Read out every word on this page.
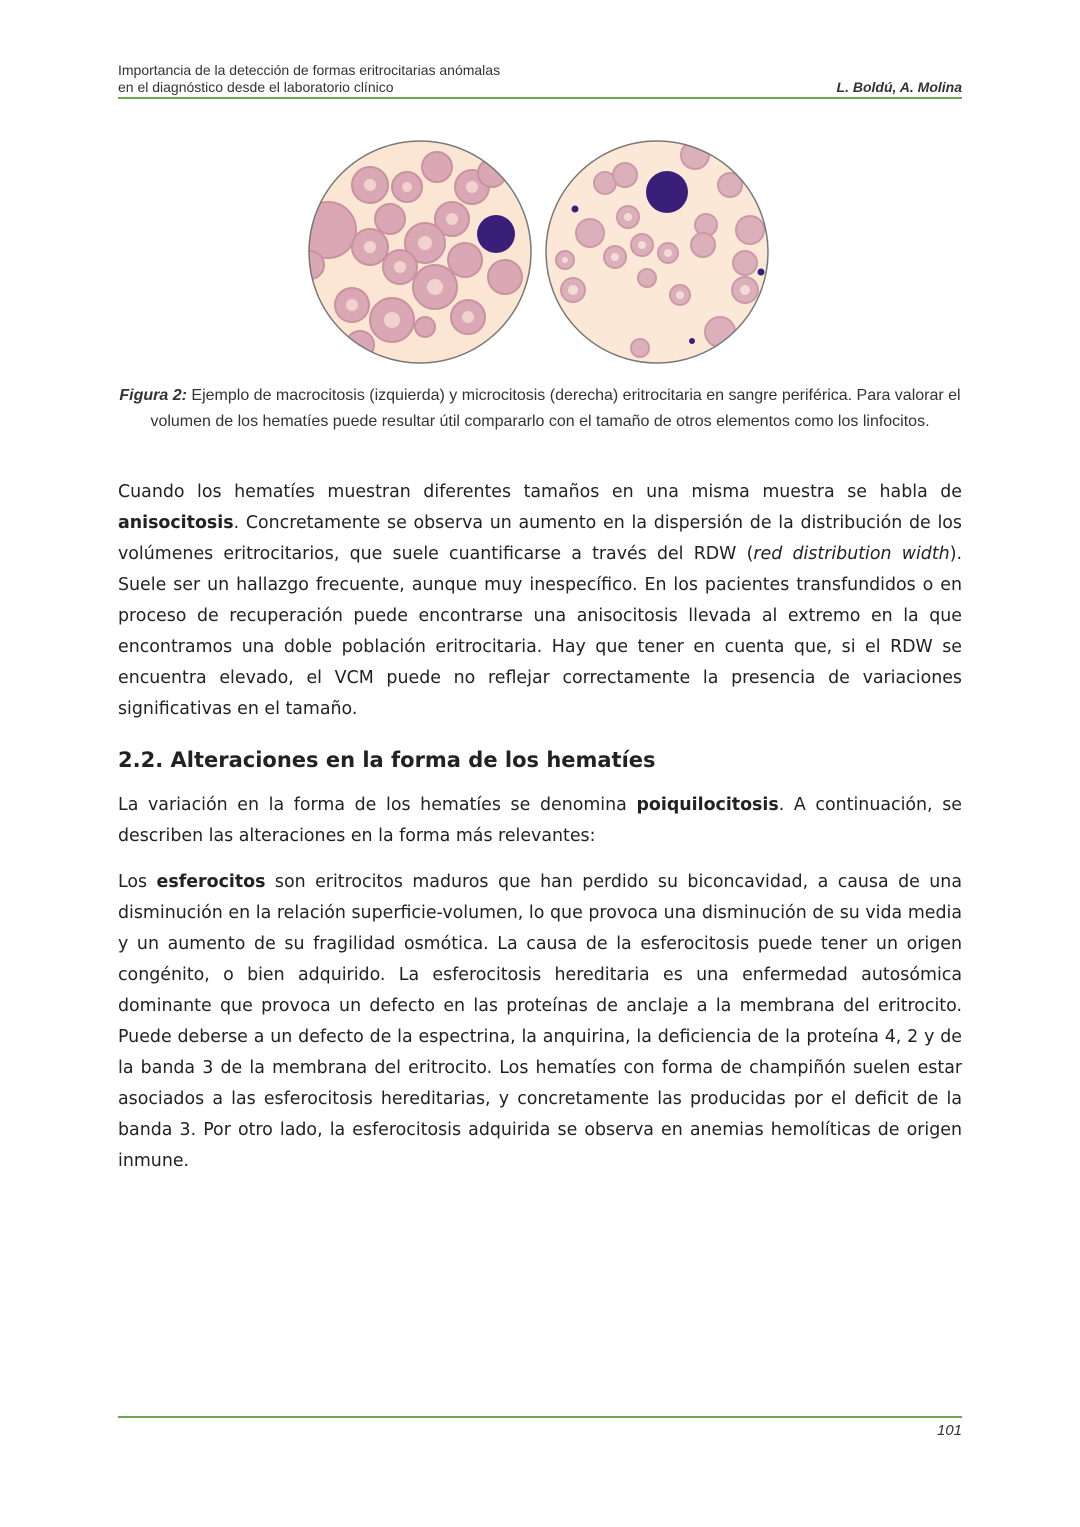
Importancia de la detección de formas eritrocitarias anómalas
en el diagnóstico desde el laboratorio clínico	L. Boldú, A. Molina
Figura 2: Ejemplo de macrocitosis (izquierda) y microcitosis (derecha) eritrocitaria en sangre periférica. Para valorar el volumen de los hematíes puede resultar útil compararlo con el tamaño de otros elementos como los linfocitos.

Cuando los hematíes muestran diferentes tamaños en una misma muestra se habla de anisocitosis. Concretamente se observa un aumento en la dispersión de la distribución de los volúmenes eritrocitarios, que suele cuantificarse a través del RDW (red distribution width). Suele ser un hallazgo frecuente, aunque muy inespecífico. En los pacientes transfundidos o en proceso de recuperación puede encontrarse una anisocitosis llevada al extremo en la que encontramos una doble población eritrocitaria. Hay que tener en cuenta que, si el RDW se encuentra elevado, el VCM puede no reflejar correctamente la presencia de variaciones significativas en el tamaño.

2.2. Alteraciones en la forma de los hematíes

La variación en la forma de los hematíes se denomina poiquilocitosis. A continuación, se describen las alteraciones en la forma más relevantes:

Los esferocitos son eritrocitos maduros que han perdido su biconcavidad, a causa de una disminución en la relación superficie-volumen, lo que provoca una disminución de su vida media y un aumento de su fragilidad osmótica. La causa de la esferocitosis puede tener un origen congénito, o bien adquirido. La esferocitosis hereditaria es una enfermedad autosómica dominante que provoca un defecto en las proteínas de anclaje a la membrana del eritrocito. Puede deberse a un defecto de la espectrina, la anquirina, la deficiencia de la proteína 4, 2 y de la banda 3 de la membrana del eritrocito. Los hematíes con forma de champiñón suelen estar asociados a las esferocitosis hereditarias, y concretamente las producidas por el deficit de la banda 3. Por otro lado, la esferocitosis adquirida se observa en anemias hemolíticas de origen inmune.

101
